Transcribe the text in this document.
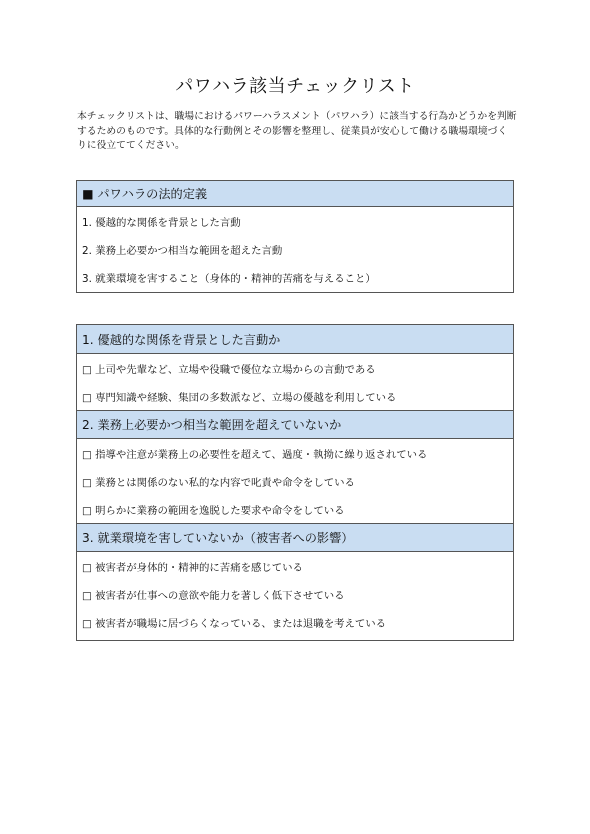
パワハラ該当チェックリスト
本チェックリストは、職場におけるパワーハラスメント（パワハラ）に該当する行為かどうかを判断するためのものです。具体的な行動例とその影響を整理し、従業員が安心して働ける職場環境づくりに役立ててください。
■ パワハラの法的定義
1. 優越的な関係を背景とした言動
2. 業務上必要かつ相当な範囲を超えた言動
3. 就業環境を害すること（身体的・精神的苦痛を与えること）
1. 優越的な関係を背景とした言動か
□ 上司や先輩など、立場や役職で優位な立場からの言動である
□ 専門知識や経験、集団の多数派など、立場の優越を利用している
2. 業務上必要かつ相当な範囲を超えていないか
□ 指導や注意が業務上の必要性を超えて、過度・執拗に繰り返されている
□ 業務とは関係のない私的な内容で叱責や命令をしている
□ 明らかに業務の範囲を逸脱した要求や命令をしている
3. 就業環境を害していないか（被害者への影響）
□ 被害者が身体的・精神的に苦痛を感じている
□ 被害者が仕事への意欲や能力を著しく低下させている
□ 被害者が職場に居づらくなっている、または退職を考えている
